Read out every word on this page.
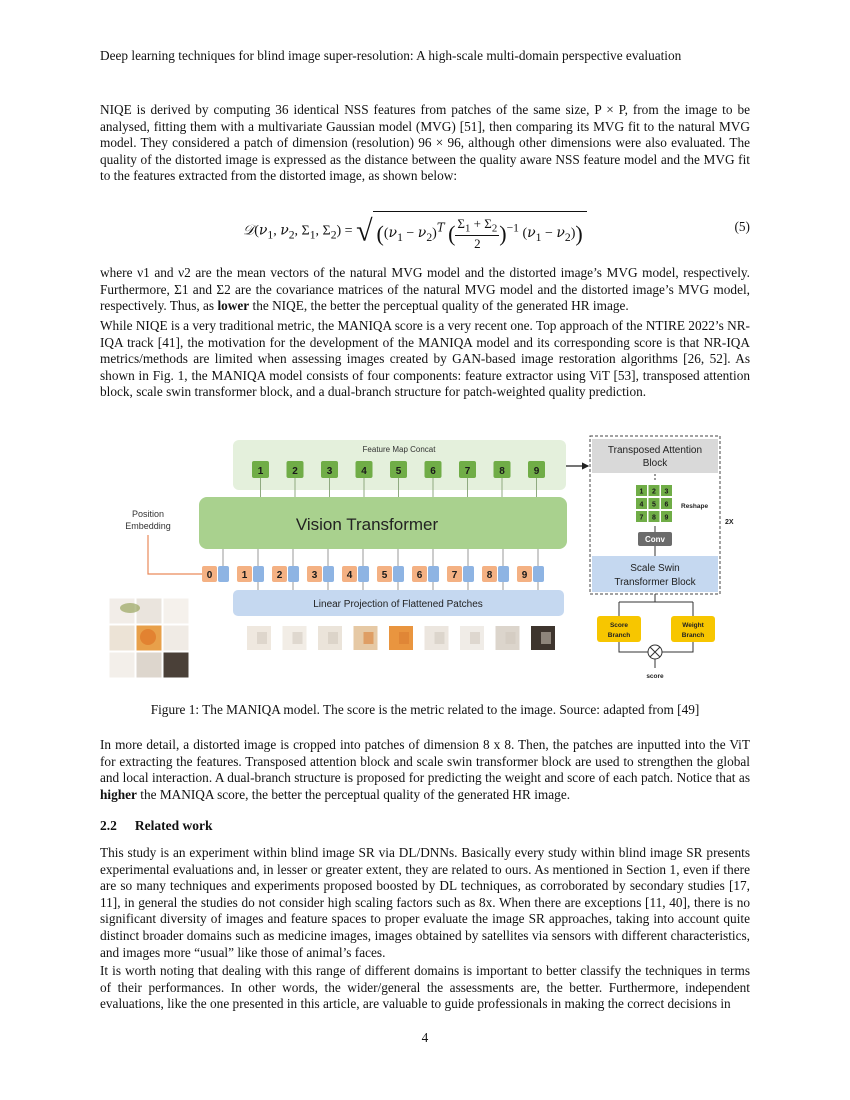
Deep learning techniques for blind image super-resolution: A high-scale multi-domain perspective evaluation

NIQE is derived by computing 36 identical NSS features from patches of the same size, P × P, from the image to be analysed, fitting them with a multivariate Gaussian model (MVG) [51], then comparing its MVG fit to the natural MVG model. They considered a patch of dimension (resolution) 96 × 96, although other dimensions were also evaluated. The quality of the distorted image is expressed as the distance between the quality aware NSS feature model and the MVG fit to the features extracted from the distorted image, as shown below:

$𝒟(\nu_1$, $\nu_2$, $\Sigma_1$, $\Sigma_2$) = √ ($(\nu_1 - \nu_2)^T$ ( $\frac{\Sigma_1 + \Sigma_2}{2} )^{-1}$ $(\nu_1 - \nu_2)$)	(5)

where ν1 and ν2 are the mean vectors of the natural MVG model and the distorted image’s MVG model, respectively. Furthermore, Σ1 and Σ2 are the covariance matrices of the natural MVG model and the distorted image’s MVG model, respectively. Thus, as lower the NIQE, the better the perceptual quality of the generated HR image.

While NIQE is a very traditional metric, the MANIQA score is a very recent one. Top approach of the NTIRE 2022’s NR-IQA track [41], the motivation for the development of the MANIQA model and its corresponding score is that NR-IQA metrics/methods are limited when assessing images created by GAN-based image restoration algorithms [26, 52]. As shown in Fig. 1, the MANIQA model consists of four components: feature extractor using ViT [53], transposed attention block, scale swin transformer block, and a dual-branch structure for patch-weighted quality prediction.

Feature Map Concat
1	2	3	4	5	6	7	8	9
Vision Transformer
Position
Embedding
0	1	2	3	4	5	6	7	8	9
Linear Projection of Flattened Patches
Transposed Attention
Block
1 2 3
4 5 6
7 8 9
Reshape
Conv
Scale Swin
Transformer Block
2X
Score
Branch
Weight
Branch
score
Figure 1: The MANIQA model. The score is the metric related to the image. Source: adapted from [49]

In more detail, a distorted image is cropped into patches of dimension 8 x 8. Then, the patches are inputted into the ViT for extracting the features. Transposed attention block and scale swin transformer block are used to strengthen the global and local interaction. A dual-branch structure is proposed for predicting the weight and score of each patch. Notice that as higher the MANIQA score, the better the perceptual quality of the generated HR image.

2.2 Related work

This study is an experiment within blind image SR via DL/DNNs. Basically every study within blind image SR presents experimental evaluations and, in lesser or greater extent, they are related to ours. As mentioned in Section 1, even if there are so many techniques and experiments proposed boosted by DL techniques, as corroborated by secondary studies [17, 11], in general the studies do not consider high scaling factors such as 8x. When there are exceptions [11, 40], there is no significant diversity of images and feature spaces to proper evaluate the image SR approaches, taking into account quite distinct broader domains such as medicine images, images obtained by satellites via sensors with different characteristics, and images more “usual” like those of animal’s faces.

It is worth noting that dealing with this range of different domains is important to better classify the techniques in terms of their performances. In other words, the wider/general the assessments are, the better. Furthermore, independent evaluations, like the one presented in this article, are valuable to guide professionals in making the correct decisions in

4
